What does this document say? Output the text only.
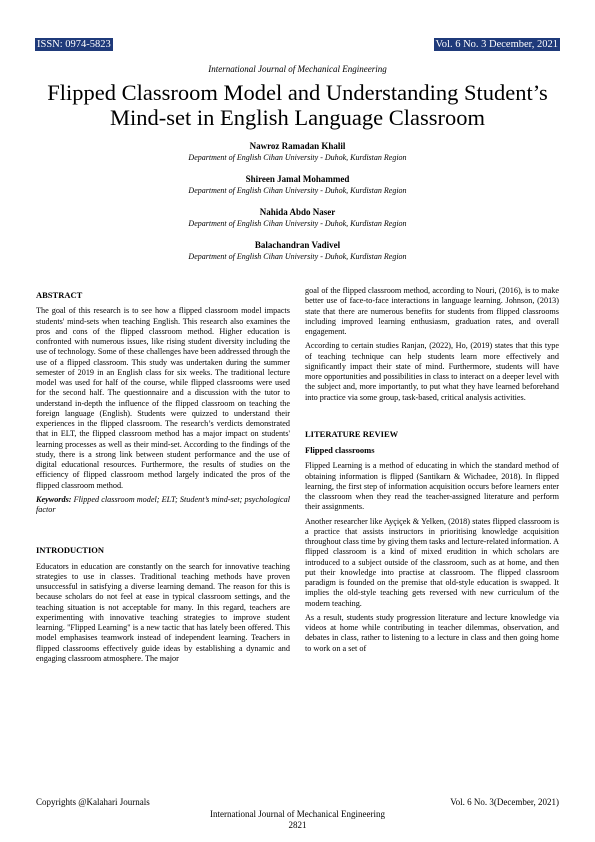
ISSN: 0974-5823	Vol. 6 No. 3 December, 2021
International Journal of Mechanical Engineering
Flipped Classroom Model and Understanding Student’s Mind-set in English Language Classroom
Nawroz Ramadan Khalil
Department of English Cihan University - Duhok, Kurdistan Region
Shireen Jamal Mohammed
Department of English Cihan University - Duhok, Kurdistan Region
Nahida Abdo Naser
Department of English Cihan University - Duhok, Kurdistan Region
Balachandran Vadivel
Department of English Cihan University - Duhok, Kurdistan Region
ABSTRACT

The goal of this research is to see how a flipped classroom model impacts students' mind-sets when teaching English. This research also examines the pros and cons of the flipped classroom method. Higher education is confronted with numerous issues, like rising student diversity including the use of technology. Some of these challenges have been addressed through the use of a flipped classroom. This study was undertaken during the summer semester of 2019 in an English class for six weeks. The traditional lecture model was used for half of the course, while flipped classrooms were used for the second half. The questionnaire and a discussion with the tutor to understand in-depth the influence of the flipped classroom on teaching the foreign language (English). Students were quizzed to understand their experiences in the flipped classroom. The research’s verdicts demonstrated that in ELT, the flipped classroom method has a major impact on students' learning processes as well as their mind-set. According to the findings of the study, there is a strong link between student performance and the use of digital educational resources. Furthermore, the results of studies on the efficiency of flipped classroom method largely indicated the pros of the flipped classroom method.

Keywords: Flipped classroom model; ELT; Student’s mind-set; psychological factor

INTRODUCTION

Educators in education are constantly on the search for innovative teaching strategies to use in classes. Traditional teaching methods have proven unsuccessful in satisfying a diverse learning demand. The reason for this is because scholars do not feel at ease in typical classroom settings, and the teaching situation is not acceptable for many. In this regard, teachers are experimenting with innovative teaching strategies to improve student learning. "Flipped Learning" is a new tactic that has lately been offered. This model emphasises teamwork instead of independent learning. Teachers in flipped classrooms effectively guide ideas by establishing a dynamic and engaging classroom atmosphere. The major

goal of the flipped classroom method, according to Nouri, (2016), is to make better use of face-to-face interactions in language learning. Johnson, (2013) state that there are numerous benefits for students from flipped classrooms including improved learning enthusiasm, graduation rates, and overall engagement.

According to certain studies Ranjan, (2022), Ho, (2019) states that this type of teaching technique can help students learn more effectively and significantly impact their state of mind. Furthermore, students will have more opportunities and possibilities in class to interact on a deeper level with the subject and, more importantly, to put what they have learned beforehand into practice via some group, task-based, critical analysis activities.

LITERATURE REVIEW
Flipped classrooms

Flipped Learning is a method of educating in which the standard method of obtaining information is flipped (Santikarn & Wichadee, 2018). In flipped learning, the first step of information acquisition occurs before learners enter the classroom when they read the teacher-assigned literature and perform their assignments.

Another researcher like Ayçiçek & Yelken, (2018) states flipped classroom is a practice that assists instructors in prioritising knowledge acquisition throughout class time by giving them tasks and lecture-related information. A flipped classroom is a kind of mixed erudition in which scholars are introduced to a subject outside of the classroom, such as at home, and then put their knowledge into practise at classroom. The flipped classroom paradigm is founded on the premise that old-style education is swapped. It implies the old-style teaching gets reversed with new curriculum of the modern teaching.

As a result, students study progression literature and lecture knowledge via videos at home while contributing in teacher dilemmas, observation, and debates in class, rather to listening to a lecture in class and then going home to work on a set of

Copyrights @Kalahari Journals	Vol. 6 No. 3(December, 2021)
International Journal of Mechanical Engineering
2821
